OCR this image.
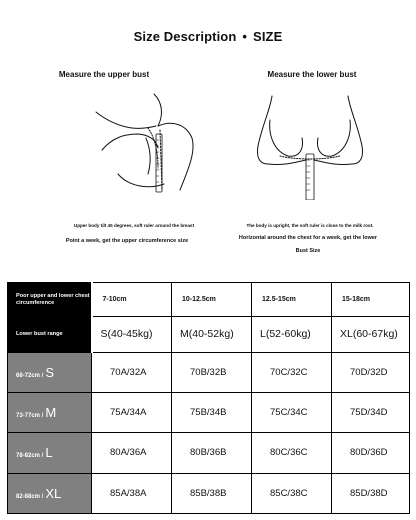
Size Description • SIZE
Measure the upper bust	Measure the lower bust
Upper body tilt 45 degrees, soft ruler around the breast
Point a week, get the upper circumference size
The body is upright, the soft ruler is close to the milk root.
Horizontal around the chest for a week, get the lower
Bust Size
Poor upper and lower chest circumference	7-10cm	10-12.5cm	12.5-15cm	15-18cm
Lower bust range	S(40-45kg)	M(40-52kg)	L(52-60kg)	XL(60-67kg)
68-72cm / S	70A/32A	70B/32B	70C/32C	70D/32D
73-77cm / M	75A/34A	75B/34B	75C/34C	75D/34D
78-82cm / L	80A/36A	80B/36B	80C/36C	80D/36D
82-88cm / XL	85A/38A	85B/38B	85C/38C	85D/38D
